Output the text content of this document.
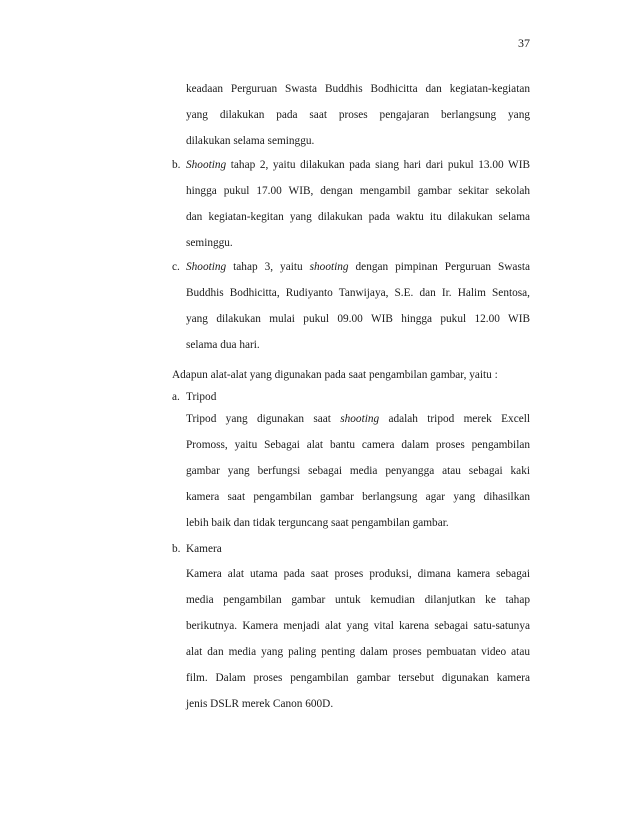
37
keadaan Perguruan Swasta Buddhis Bodhicitta dan kegiatan-kegiatan
yang dilakukan pada saat proses pengajaran berlangsung yang
dilakukan selama seminggu.
b. Shooting tahap 2, yaitu dilakukan pada siang hari dari pukul 13.00 WIB
hingga pukul 17.00 WIB, dengan mengambil gambar sekitar sekolah
dan kegiatan-kegitan yang dilakukan pada waktu itu dilakukan selama
seminggu.
c. Shooting tahap 3, yaitu shooting dengan pimpinan Perguruan Swasta
Buddhis Bodhicitta, Rudiyanto Tanwijaya, S.E. dan Ir. Halim Sentosa,
yang dilakukan mulai pukul 09.00 WIB hingga pukul 12.00 WIB
selama dua hari.
Adapun alat-alat yang digunakan pada saat pengambilan gambar, yaitu :
a. Tripod
Tripod yang digunakan saat shooting adalah tripod merek Excell
Promoss, yaitu Sebagai alat bantu camera dalam proses pengambilan
gambar yang berfungsi sebagai media penyangga atau sebagai kaki
kamera saat pengambilan gambar berlangsung agar yang dihasilkan
lebih baik dan tidak terguncang saat pengambilan gambar.
b. Kamera
Kamera alat utama pada saat proses produksi, dimana kamera sebagai
media pengambilan gambar untuk kemudian dilanjutkan ke tahap
berikutnya. Kamera menjadi alat yang vital karena sebagai satu-satunya
alat dan media yang paling penting dalam proses pembuatan video atau
film. Dalam proses pengambilan gambar tersebut digunakan kamera
jenis DSLR merek Canon 600D.
